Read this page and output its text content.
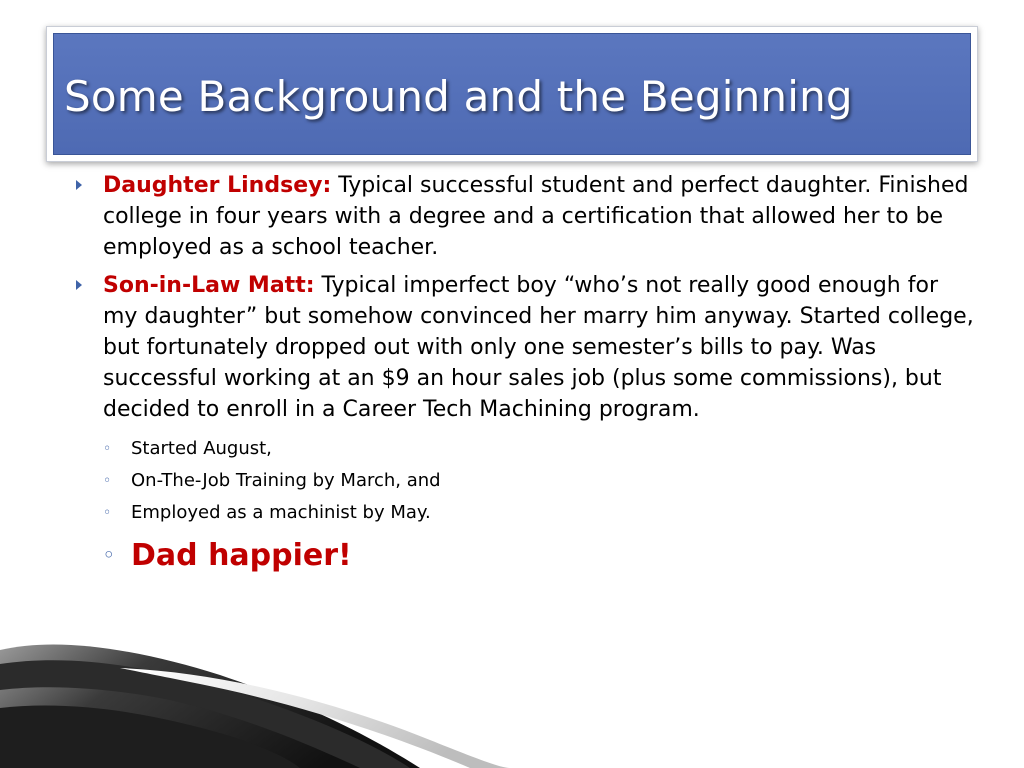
Some Background and the Beginning
Daughter Lindsey: Typical successful student and perfect daughter. Finished college in four years with a degree and a certification that allowed her to be employed as a school teacher.
Son-in-Law Matt: Typical imperfect boy “who’s not really good enough for my daughter” but somehow convinced her marry him anyway. Started college, but fortunately dropped out with only one semester’s bills to pay. Was successful working at an $9 an hour sales job (plus some commissions), but decided to enroll in a Career Tech Machining program.
◦ Started August,
◦ On-The-Job Training by March, and
◦ Employed as a machinist by May.
◦ Dad happier!
